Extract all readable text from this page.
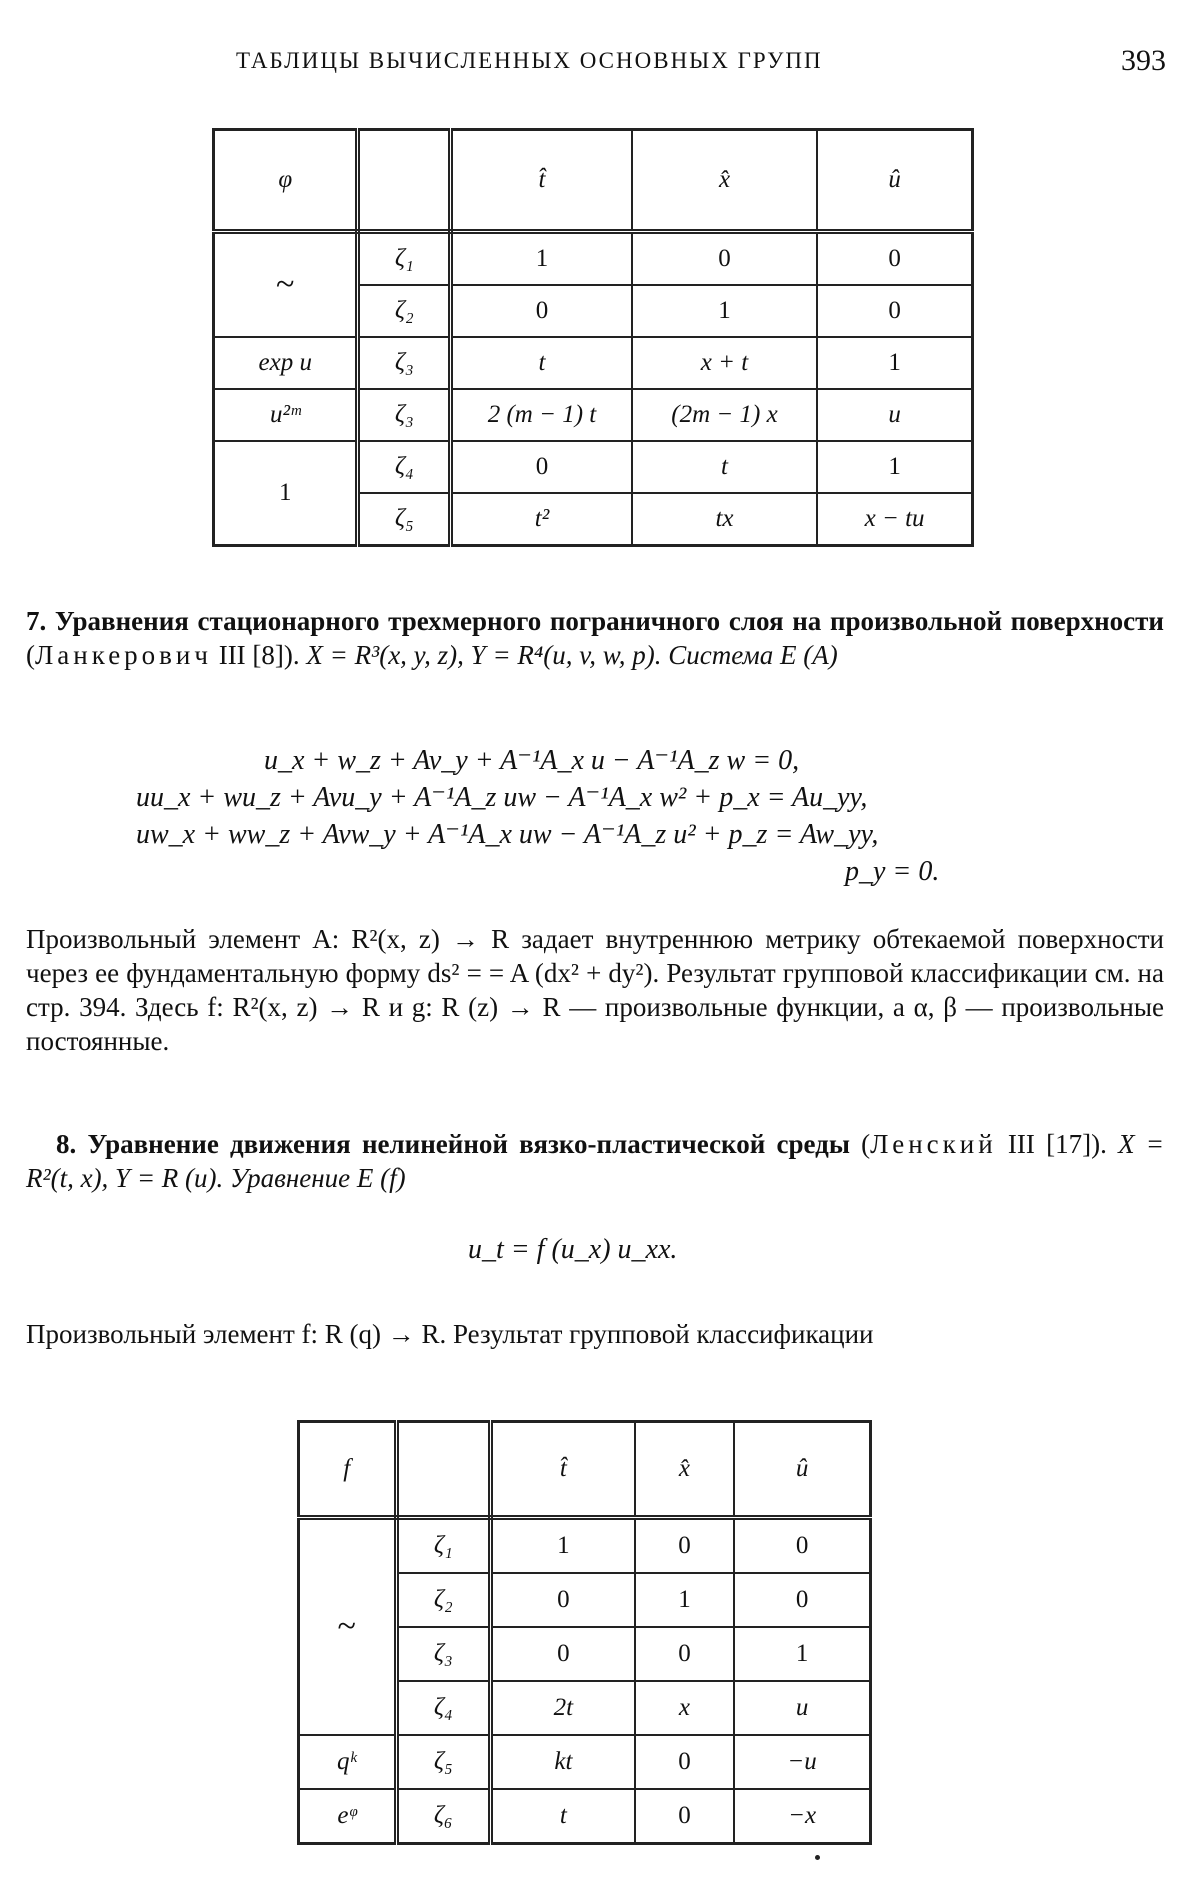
ТАБЛИЦЫ ВЫЧИСЛЕННЫХ ОСНОВНЫХ ГРУПП	393
φ		t̂	x̂	û
~	ζ₁	1	0	0
	ζ₂	0	1	0
exp u	ζ₃	t	x + t	1
u²ᵐ	ζ₃	2 (m − 1) t	(2m − 1) x	u
1	ζ₄	0	t	1
	ζ₅	t²	tx	x − tu
7. Уравнения стационарного трехмерного пограничного слоя на произвольной поверхности (Ланкерович III [8]). X = R³(x, y, z), Y = R⁴(u, v, w, p). Система E (A)
u_x + w_z + Av_y + A⁻¹A_x u − A⁻¹A_z w = 0,
uu_x + wu_z + Avu_y + A⁻¹A_z uw − A⁻¹A_x w² + p_x = Au_yy,
uw_x + ww_z + Avw_y + A⁻¹A_x uw − A⁻¹A_z u² + p_z = Aw_yy,
p_y = 0.
Произвольный элемент A: R²(x, z) → R задает внутреннюю метрику обтекаемой поверхности через ее фундаментальную форму ds² = = A (dx² + dy²). Результат групповой классификации см. на стр. 394. Здесь f: R²(x, z) → R и g: R (z) → R — произвольные функции, а α, β — произвольные постоянные.
8. Уравнение движения нелинейной вязко-пластической среды (Ленский III [17]). X = R²(t, x), Y = R (u). Уравнение E (f)
u_t = f (u_x) u_xx.
Произвольный элемент f: R (q) → R. Результат групповой классификации
f		t̂	x̂	û
~	ζ₁	1	0	0
	ζ₂	0	1	0
	ζ₃	0	0	1
	ζ₄	2t	x	u
qᵏ	ζ₅	kt	0	−u
eᵠ	ζ₆	t	0	−x
